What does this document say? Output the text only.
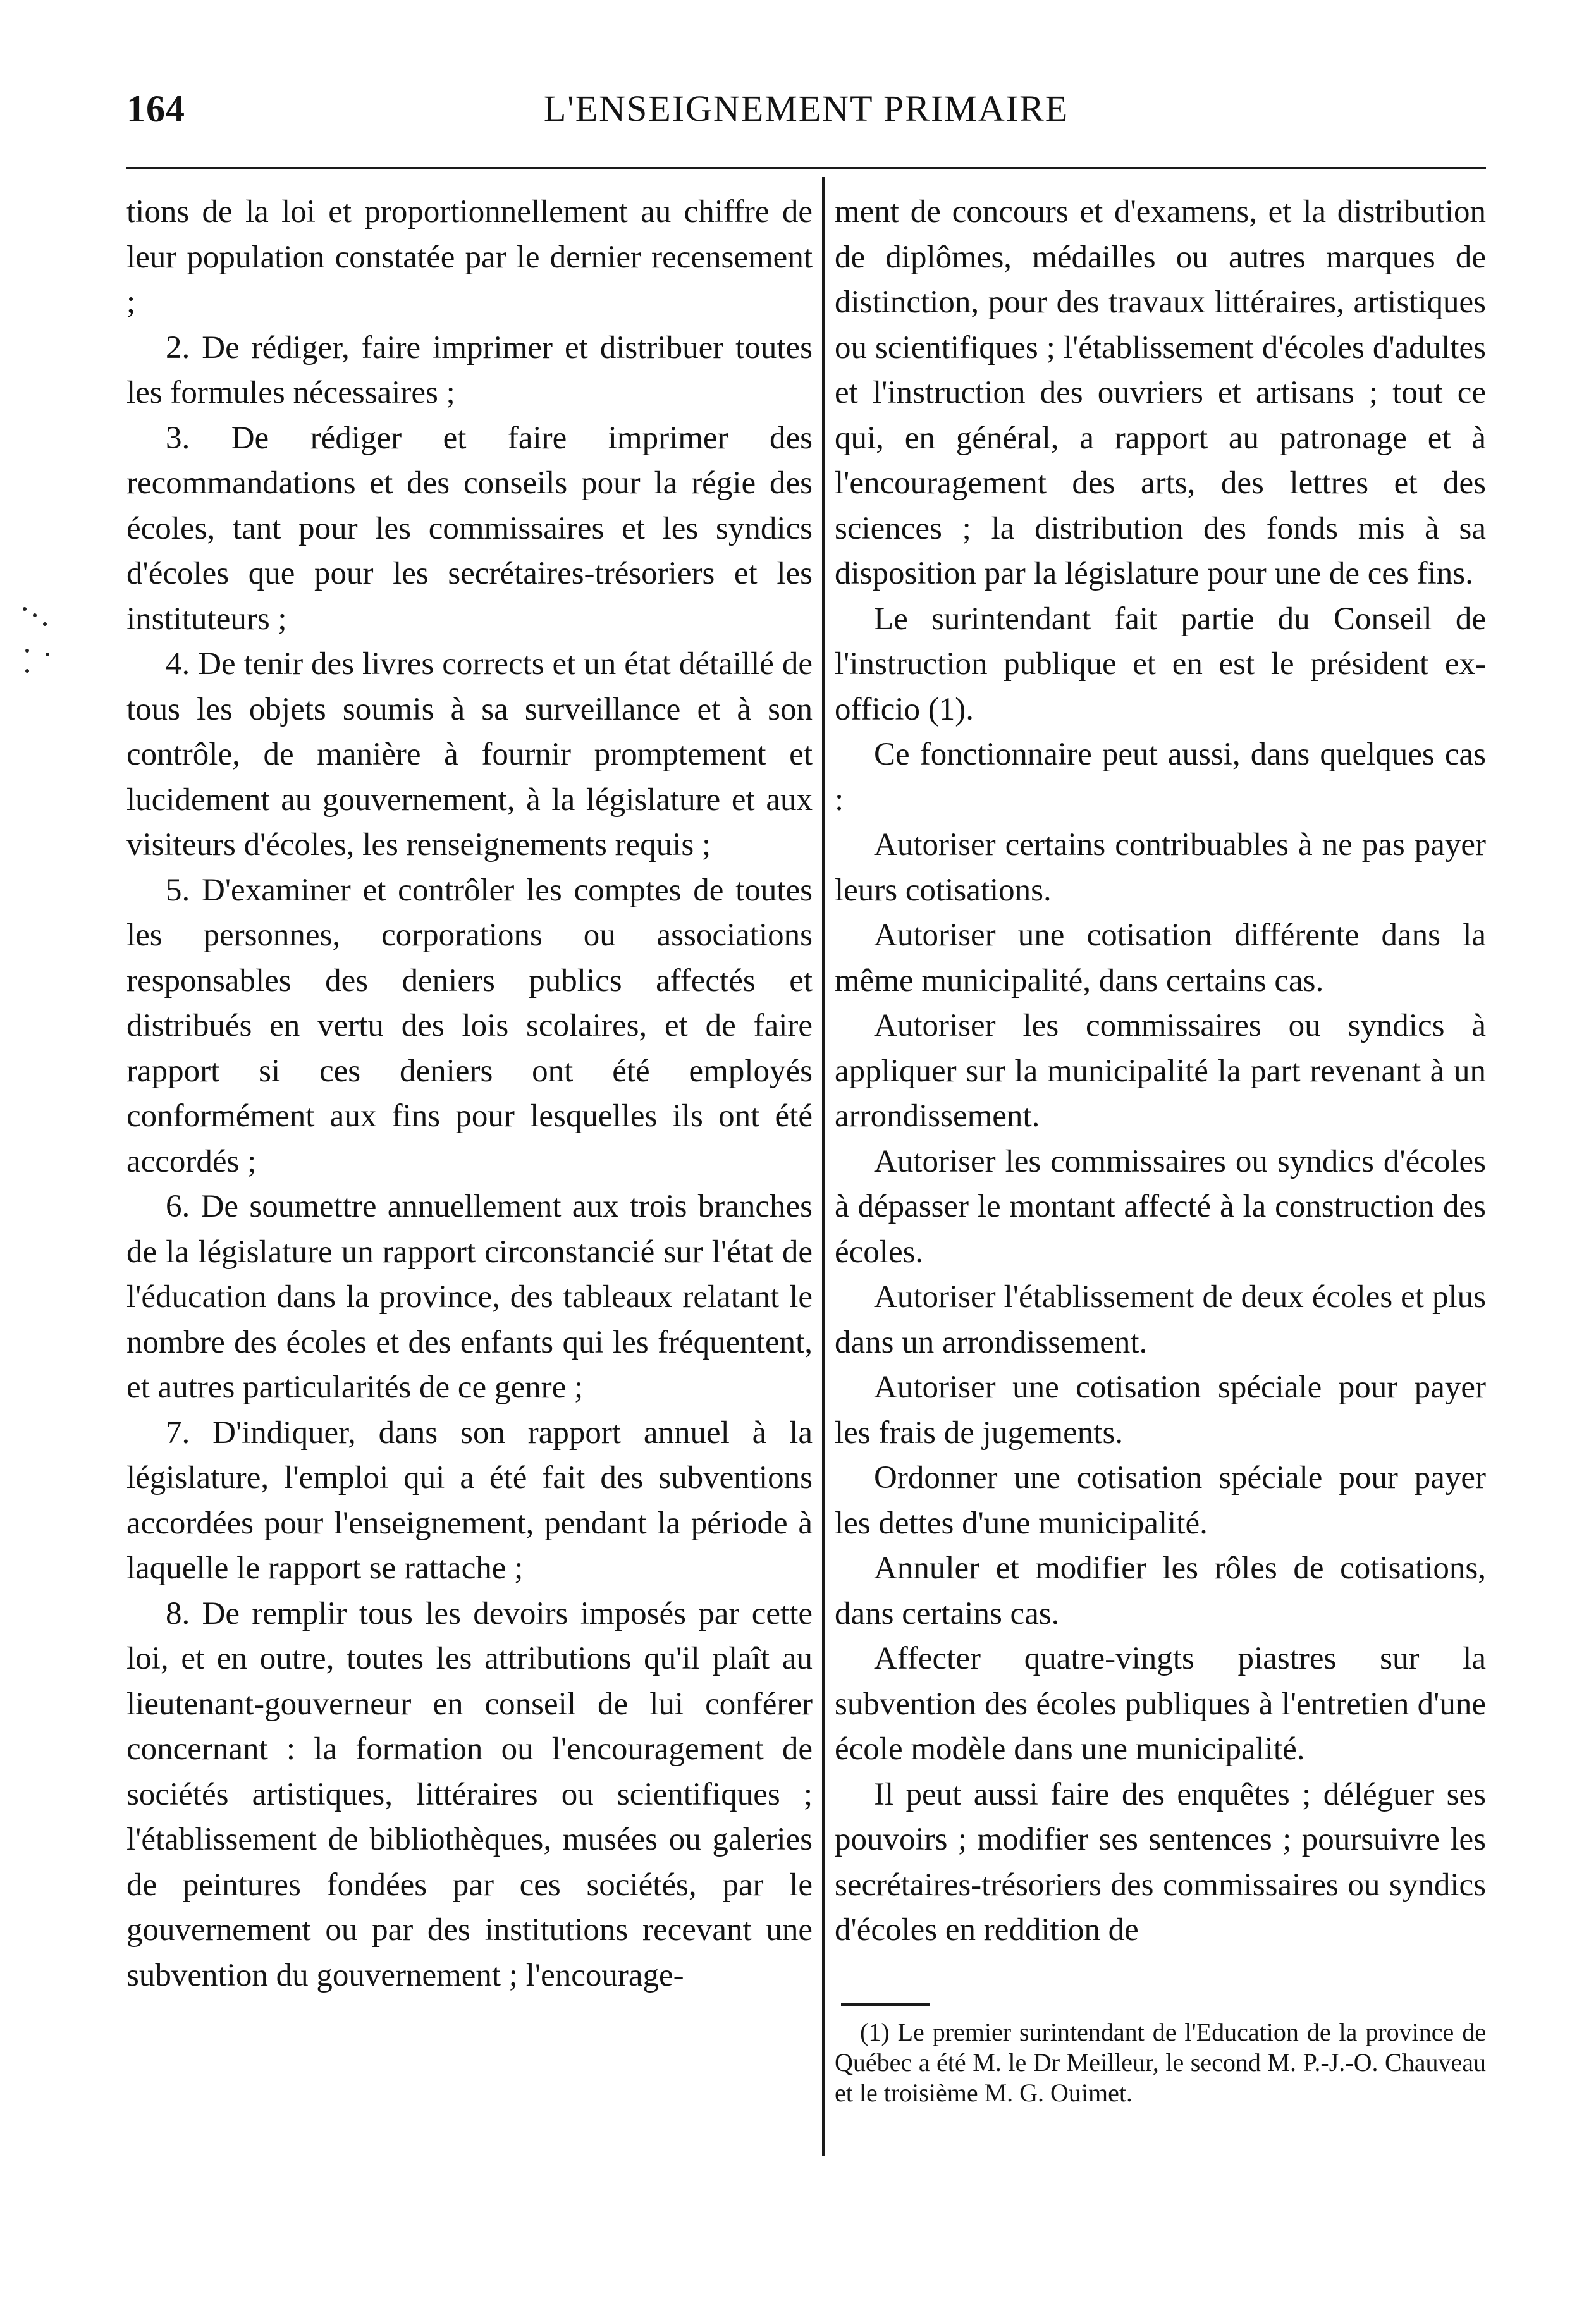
164	L'ENSEIGNEMENT PRIMAIRE

tions de la loi et proportionnellement au chiffre de leur population constatée par le dernier recensement ;

2. De rédiger, faire imprimer et distribuer toutes les formules nécessaires ;

3. De rédiger et faire imprimer des recommandations et des conseils pour la régie des écoles, tant pour les commissaires et les syndics d'écoles que pour les secrétaires-trésoriers et les instituteurs ;

4. De tenir des livres corrects et un état détaillé de tous les objets soumis à sa surveillance et à son contrôle, de manière à fournir promptement et lucidement au gouvernement, à la législature et aux visiteurs d'écoles, les renseignements requis ;

5. D'examiner et contrôler les comptes de toutes les personnes, corporations ou associations responsables des deniers publics affectés et distribués en vertu des lois scolaires, et de faire rapport si ces deniers ont été employés conformément aux fins pour lesquelles ils ont été accordés ;

6. De soumettre annuellement aux trois branches de la législature un rapport circonstancié sur l'état de l'éducation dans la province, des tableaux relatant le nombre des écoles et des enfants qui les fréquentent, et autres particularités de ce genre ;

7. D'indiquer, dans son rapport annuel à la législature, l'emploi qui a été fait des subventions accordées pour l'enseignement, pendant la période à laquelle le rapport se rattache ;

8. De remplir tous les devoirs imposés par cette loi, et en outre, toutes les attributions qu'il plaît au lieutenant-gouverneur en conseil de lui conférer concernant : la formation ou l'encouragement de sociétés artistiques, littéraires ou scientifiques ; l'établissement de bibliothèques, musées ou galeries de peintures fondées par ces sociétés, par le gouvernement ou par des institutions recevant une subvention du gouvernement ; l'encourage-

ment de concours et d'examens, et la distribution de diplômes, médailles ou autres marques de distinction, pour des travaux littéraires, artistiques ou scientifiques ; l'établissement d'écoles d'adultes et l'instruction des ouvriers et artisans ; tout ce qui, en général, a rapport au patronage et à l'encouragement des arts, des lettres et des sciences ; la distribution des fonds mis à sa disposition par la législature pour une de ces fins.

Le surintendant fait partie du Conseil de l'instruction publique et en est le président ex-officio (1).

Ce fonctionnaire peut aussi, dans quelques cas :

Autoriser certains contribuables à ne pas payer leurs cotisations.

Autoriser une cotisation différente dans la même municipalité, dans certains cas.

Autoriser les commissaires ou syndics à appliquer sur la municipalité la part revenant à un arrondissement.

Autoriser les commissaires ou syndics d'écoles à dépasser le montant affecté à la construction des écoles.

Autoriser l'établissement de deux écoles et plus dans un arrondissement.

Autoriser une cotisation spéciale pour payer les frais de jugements.

Ordonner une cotisation spéciale pour payer les dettes d'une municipalité.

Annuler et modifier les rôles de cotisations, dans certains cas.

Affecter quatre-vingts piastres sur la subvention des écoles publiques à l'entretien d'une école modèle dans une municipalité.

Il peut aussi faire des enquêtes ; déléguer ses pouvoirs ; modifier ses sentences ; poursuivre les secrétaires-trésoriers des commissaires ou syndics d'écoles en reddition de

(1) Le premier surintendant de l'Education de la province de Québec a été M. le Dr Meilleur, le second M. P.-J.-O. Chauveau et le troisième M. G. Ouimet.
